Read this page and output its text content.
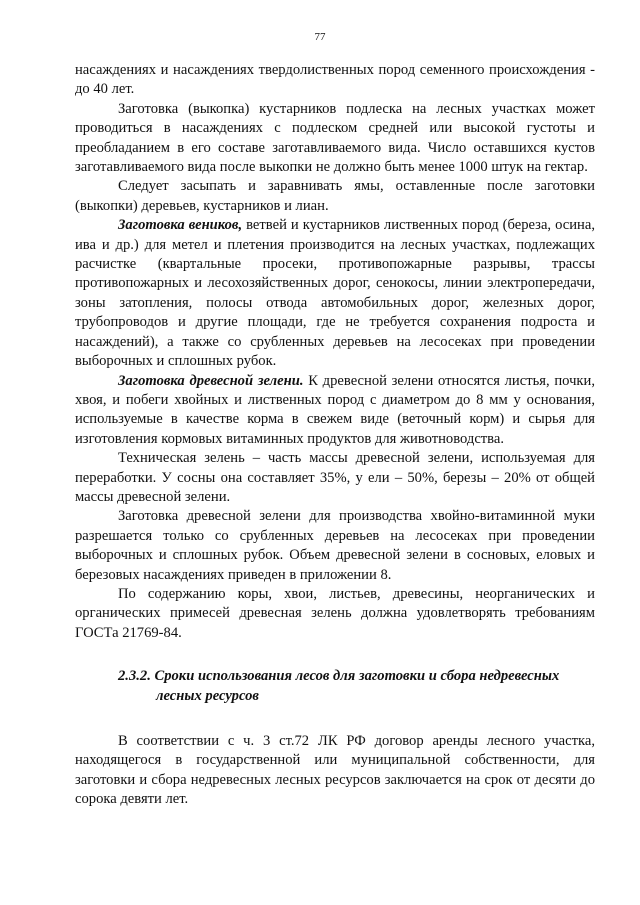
77

насаждениях и насаждениях твердолиственных пород семенного происхождения - до 40 лет.

Заготовка (выкопка) кустарников подлеска на лесных участках может проводиться в насаждениях с подлеском средней или высокой густоты и преобладанием в его составе заготавливаемого вида. Число оставшихся кустов заготавливаемого вида после выкопки не должно быть менее 1000 штук на гектар.

Следует засыпать и заравнивать ямы, оставленные после заготовки (выкопки) деревьев, кустарников и лиан.

Заготовка веников, ветвей и кустарников лиственных пород (береза, осина, ива и др.) для метел и плетения производится на лесных участках, подлежащих расчистке (квартальные просеки, противопожарные разрывы, трассы противопожарных и лесохозяйственных дорог, сенокосы, линии электропередачи, зоны затопления, полосы отвода автомобильных дорог, железных дорог, трубопроводов и другие площади, где не требуется сохранения подроста и насаждений), а также со срубленных деревьев на лесосеках при проведении выборочных и сплошных рубок.

Заготовка древесной зелени. К древесной зелени относятся листья, почки, хвоя, и побеги хвойных и лиственных пород с диаметром до 8 мм у основания, используемые в качестве корма в свежем виде (веточный корм) и сырья для изготовления кормовых витаминных продуктов для животноводства.

Техническая зелень – часть массы древесной зелени, используемая для переработки. У сосны она составляет 35%, у ели – 50%, березы – 20% от общей массы древесной зелени.

Заготовка древесной зелени для производства хвойно-витаминной муки разрешается только со срубленных деревьев на лесосеках при проведении выборочных и сплошных рубок. Объем древесной зелени в сосновых, еловых и березовых насаждениях приведен в приложении 8.

По содержанию коры, хвои, листьев, древесины, неорганических и органических примесей древесная зелень должна удовлетворять требованиям ГОСТа 21769-84.

2.3.2. Сроки использования лесов для заготовки и сбора недревесных лесных ресурсов

В соответствии с ч. 3 ст.72 ЛК РФ договор аренды лесного участка, находящегося в государственной или муниципальной собственности, для заготовки и сбора недревесных лесных ресурсов заключается на срок от десяти до сорока девяти лет.
